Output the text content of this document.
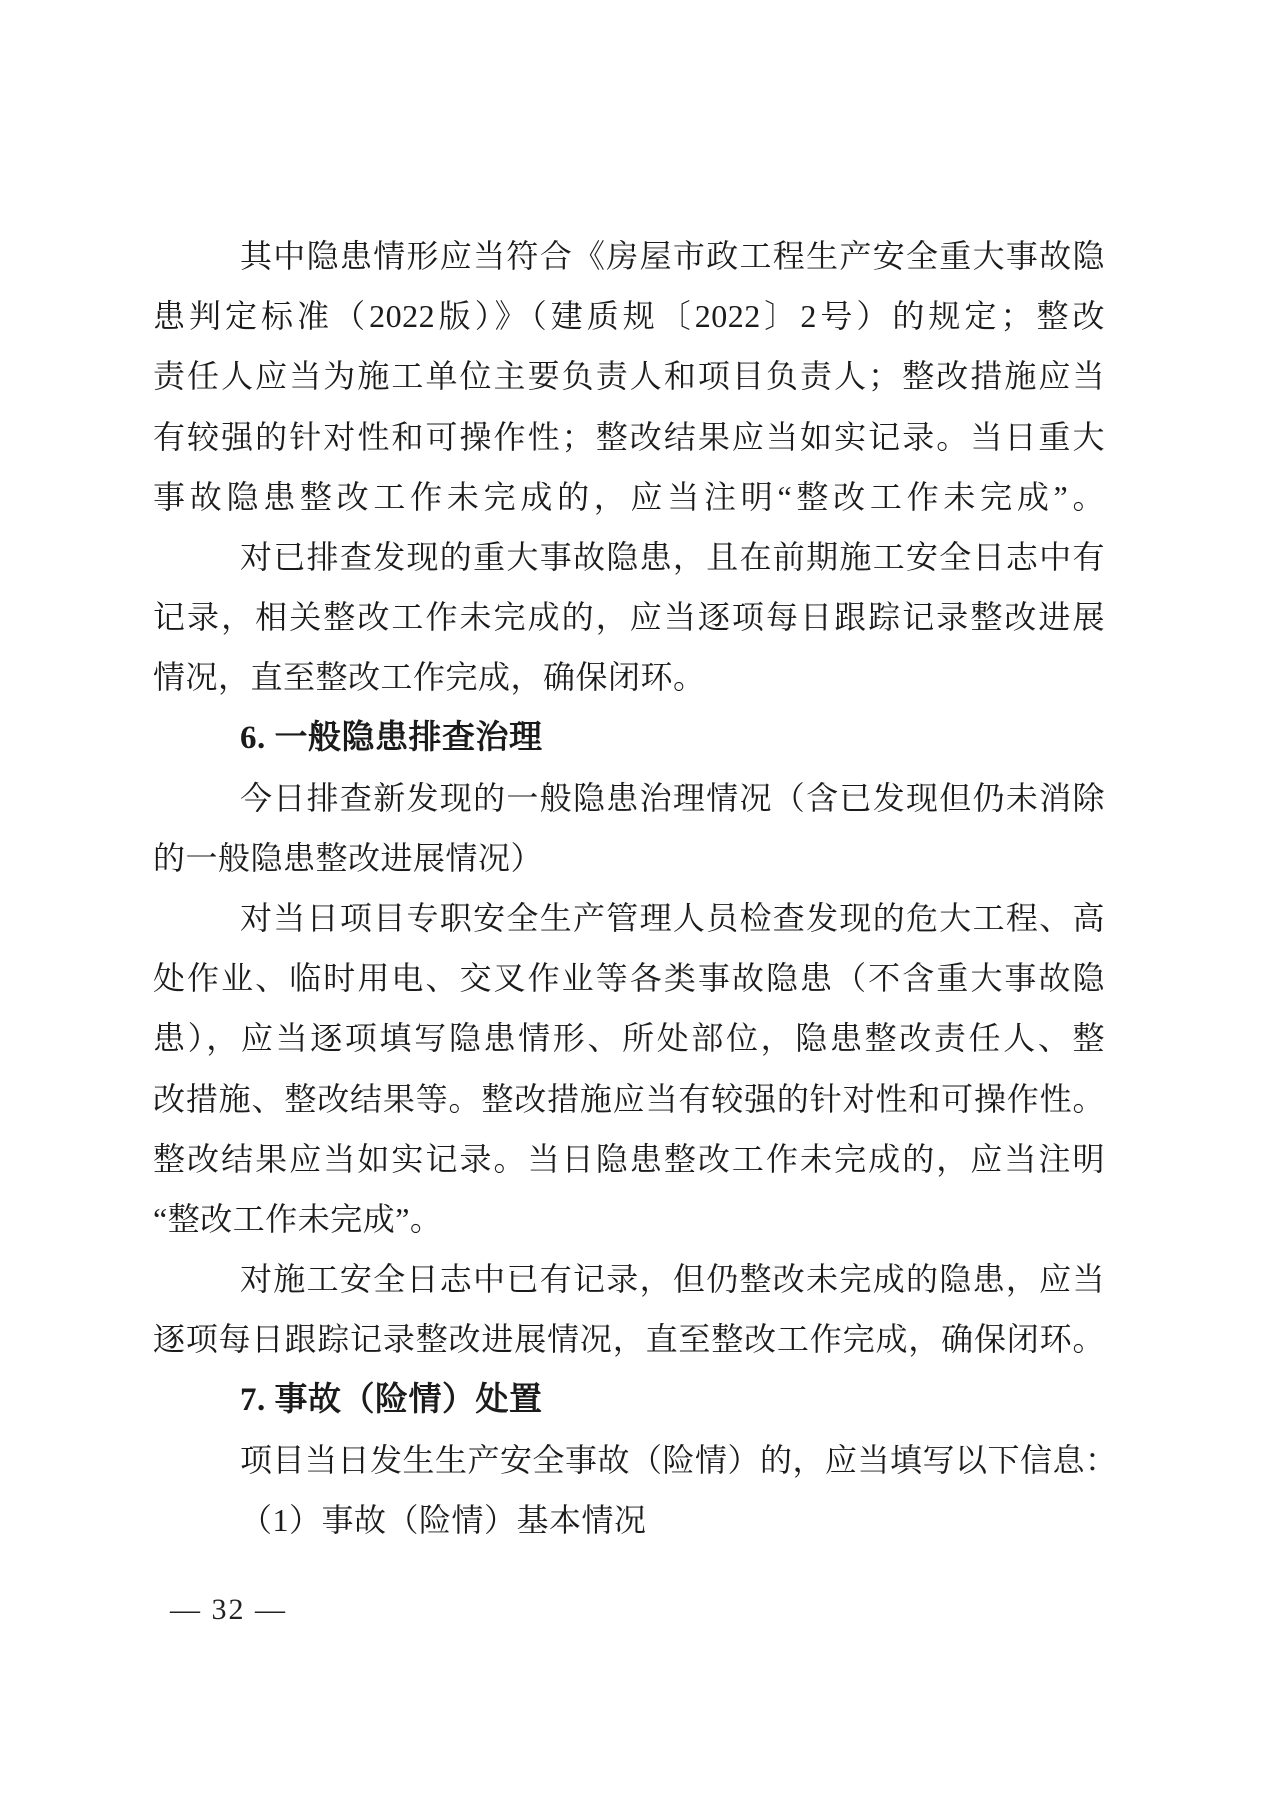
其中隐患情形应当符合《房屋市政工程生产安全重大事故隐
患判定标准（2022版）》（建质规〔2022〕2号）的规定；整改
责任人应当为施工单位主要负责人和项目负责人；整改措施应当
有较强的针对性和可操作性；整改结果应当如实记录。当日重大
事故隐患整改工作未完成的，应当注明“整改工作未完成”。
对已排查发现的重大事故隐患，且在前期施工安全日志中有
记录，相关整改工作未完成的，应当逐项每日跟踪记录整改进展
情况，直至整改工作完成，确保闭环。
6. 一般隐患排查治理
今日排查新发现的一般隐患治理情况（含已发现但仍未消除
的一般隐患整改进展情况）
对当日项目专职安全生产管理人员检查发现的危大工程、高
处作业、临时用电、交叉作业等各类事故隐患（不含重大事故隐
患），应当逐项填写隐患情形、所处部位，隐患整改责任人、整
改措施、整改结果等。整改措施应当有较强的针对性和可操作性。
整改结果应当如实记录。当日隐患整改工作未完成的，应当注明
“整改工作未完成”。
对施工安全日志中已有记录，但仍整改未完成的隐患，应当
逐项每日跟踪记录整改进展情况，直至整改工作完成，确保闭环。
7. 事故（险情）处置
项目当日发生生产安全事故（险情）的，应当填写以下信息：
（1）事故（险情）基本情况
— 32 —
